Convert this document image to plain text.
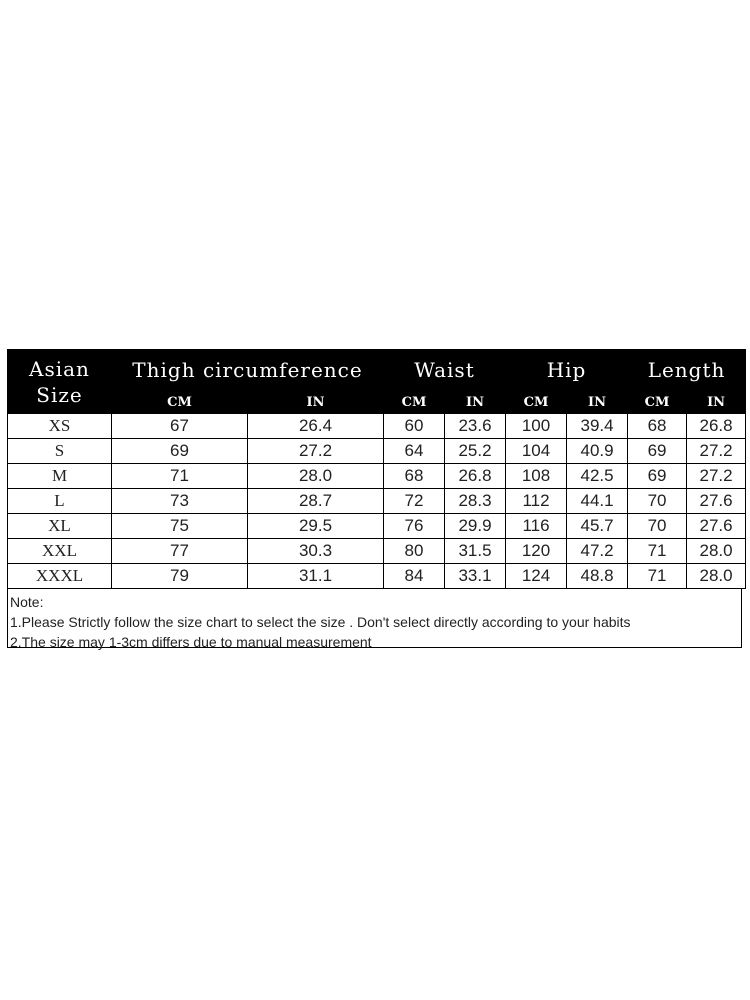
Asian
Size	Thigh circumference		Waist		Hip		Length	
	CM	IN	CM	IN	CM	IN	CM	IN
XS	67	26.4	60	23.6	100	39.4	68	26.8
S	69	27.2	64	25.2	104	40.9	69	27.2
M	71	28.0	68	26.8	108	42.5	69	27.2
L	73	28.7	72	28.3	112	44.1	70	27.6
XL	75	29.5	76	29.9	116	45.7	70	27.6
XXL	77	30.3	80	31.5	120	47.2	71	28.0
XXXL	79	31.1	84	33.1	124	48.8	71	28.0
Note:
1.Please Strictly follow the size chart to select the size . Don't select directly according to your habits
2.The size may 1-3cm differs due to manual measurement
